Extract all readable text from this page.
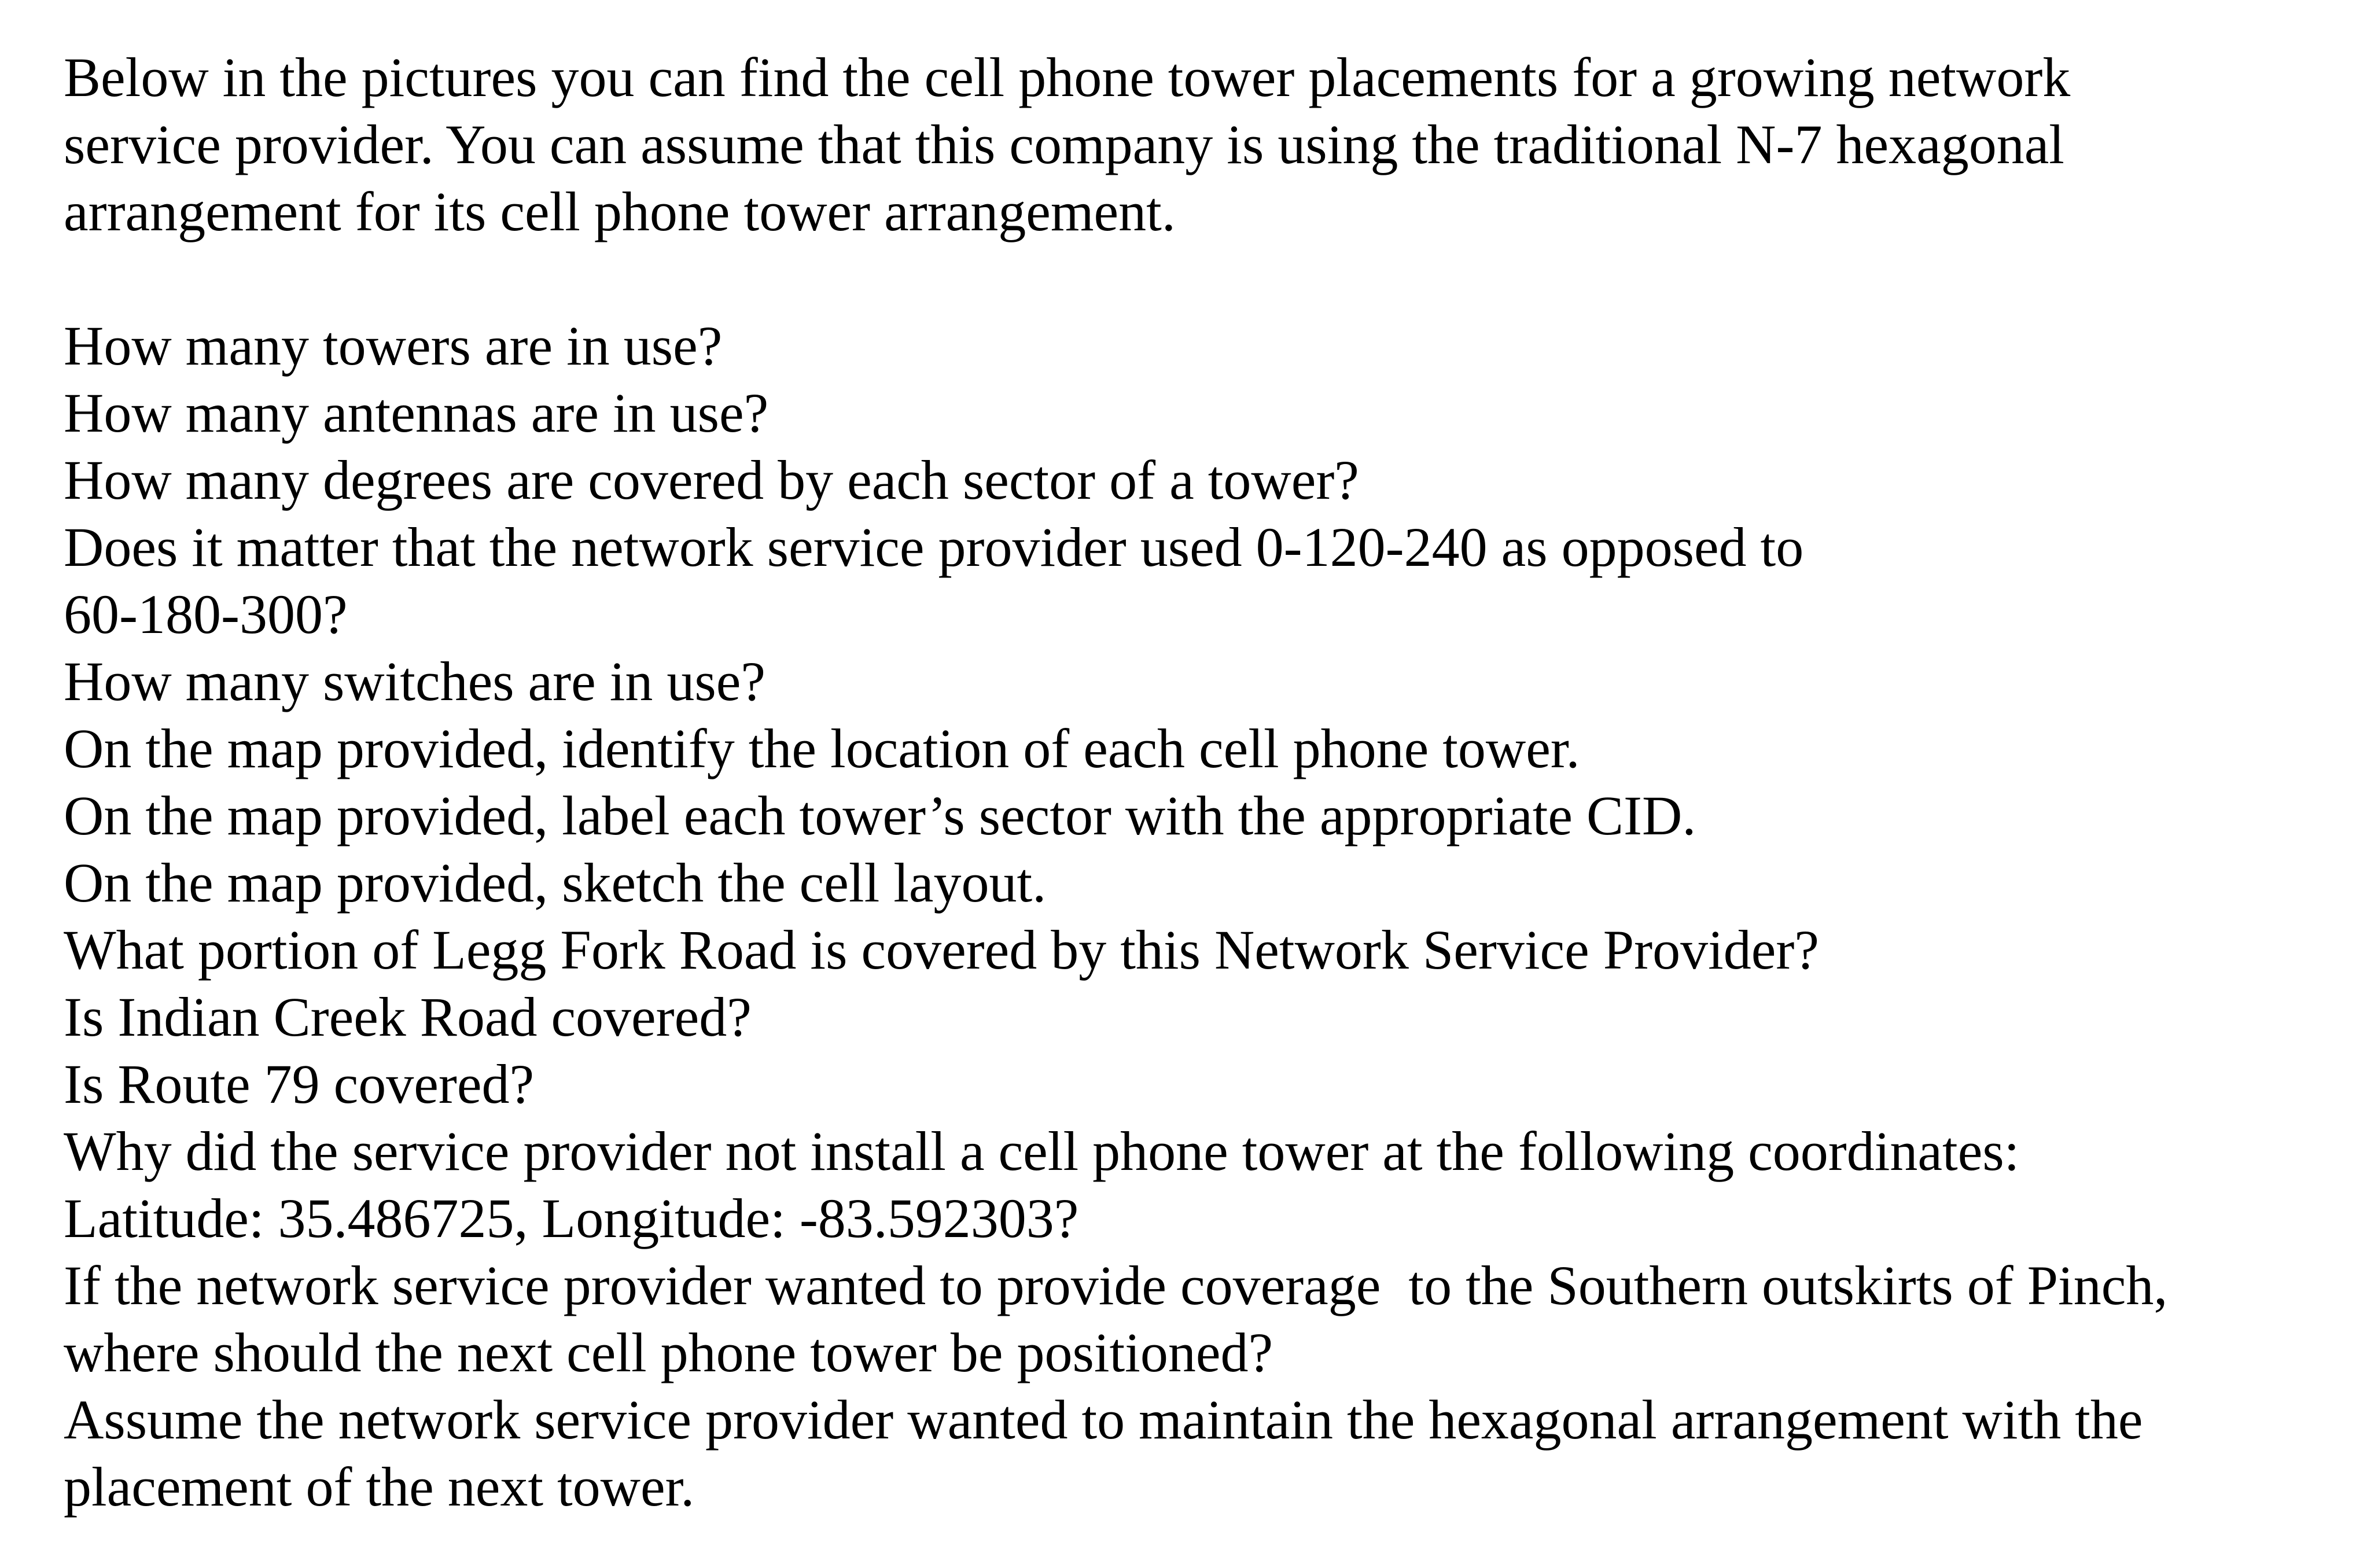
Below in the pictures you can find the cell phone tower placements for a growing network

service provider. You can assume that this company is using the traditional N-7 hexagonal

arrangement for its cell phone tower arrangement.

How many towers are in use?

How many antennas are in use?

How many degrees are covered by each sector of a tower?

Does it matter that the network service provider used 0-120-240 as opposed to

60-180-300?

How many switches are in use?

On the map provided, identify the location of each cell phone tower.

On the map provided, label each tower’s sector with the appropriate CID.

On the map provided, sketch the cell layout.

What portion of Legg Fork Road is covered by this Network Service Provider?

Is Indian Creek Road covered?

Is Route 79 covered?

Why did the service provider not install a cell phone tower at the following coordinates:

Latitude: 35.486725, Longitude: -83.592303?

If the network service provider wanted to provide coverage  to the Southern outskirts of Pinch,

where should the next cell phone tower be positioned?

Assume the network service provider wanted to maintain the hexagonal arrangement with the

placement of the next tower.
